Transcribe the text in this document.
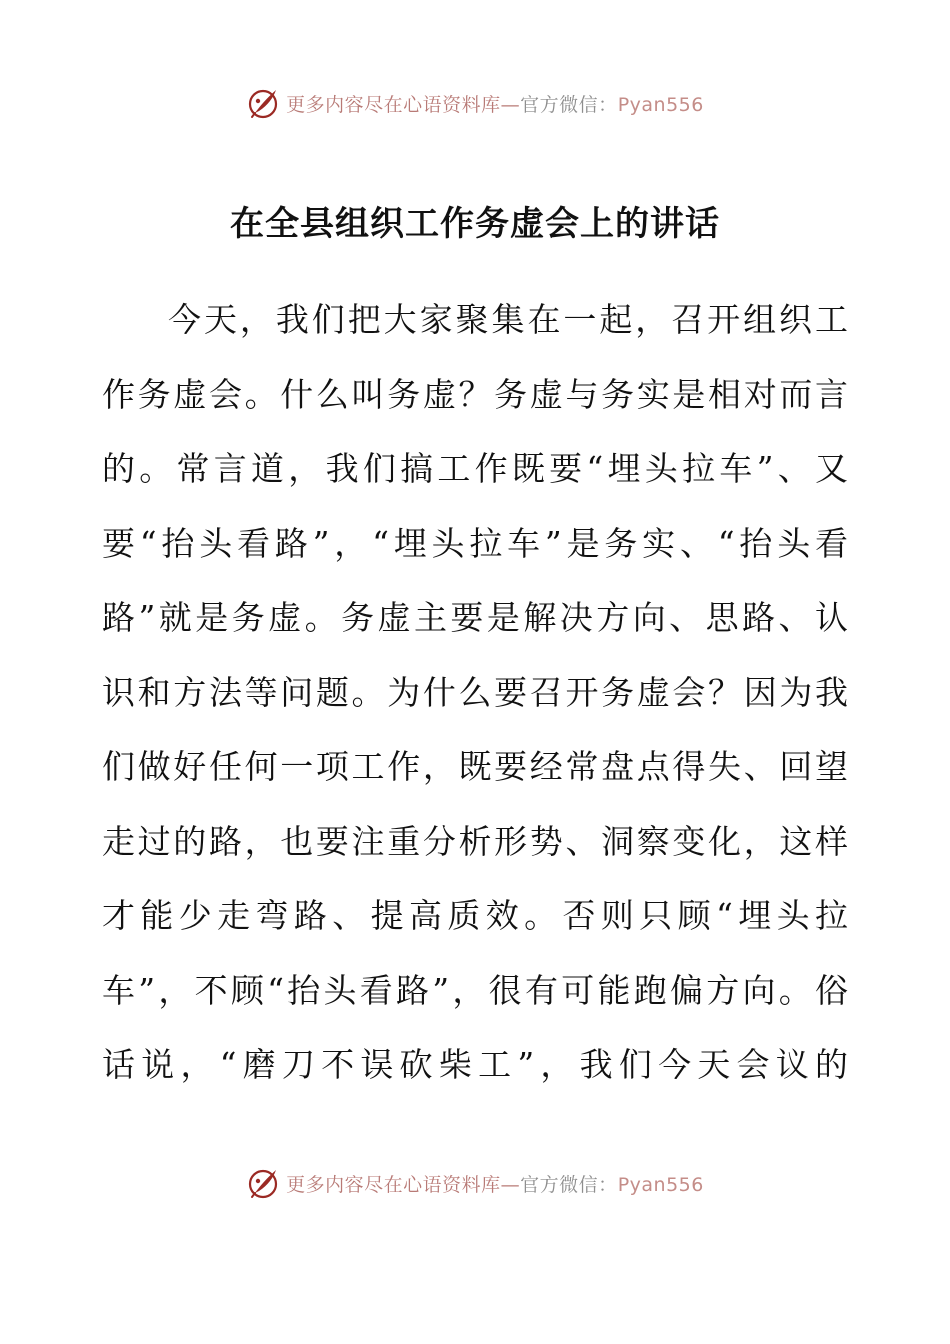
更多内容尽在心语资料库—官方微信：Pyan556
在全县组织工作务虚会上的讲话

今天，我们把大家聚集在一起，召开组织工作务虚会。什么叫务虚？务虚与务实是相对而言的。常言道，我们搞工作既要“埋头拉车”、又要“抬头看路”，“埋头拉车”是务实、“抬头看路”就是务虚。务虚主要是解决方向、思路、认识和方法等问题。为什么要召开务虚会？因为我们做好任何一项工作，既要经常盘点得失、回望走过的路，也要注重分析形势、洞察变化，这样才能少走弯路、提高质效。否则只顾“埋头拉车”，不顾“抬头看路”，很有可能跑偏方向。俗话说，“磨刀不误砍柴工”，我们今天会议的

更多内容尽在心语资料库—官方微信：Pyan556
